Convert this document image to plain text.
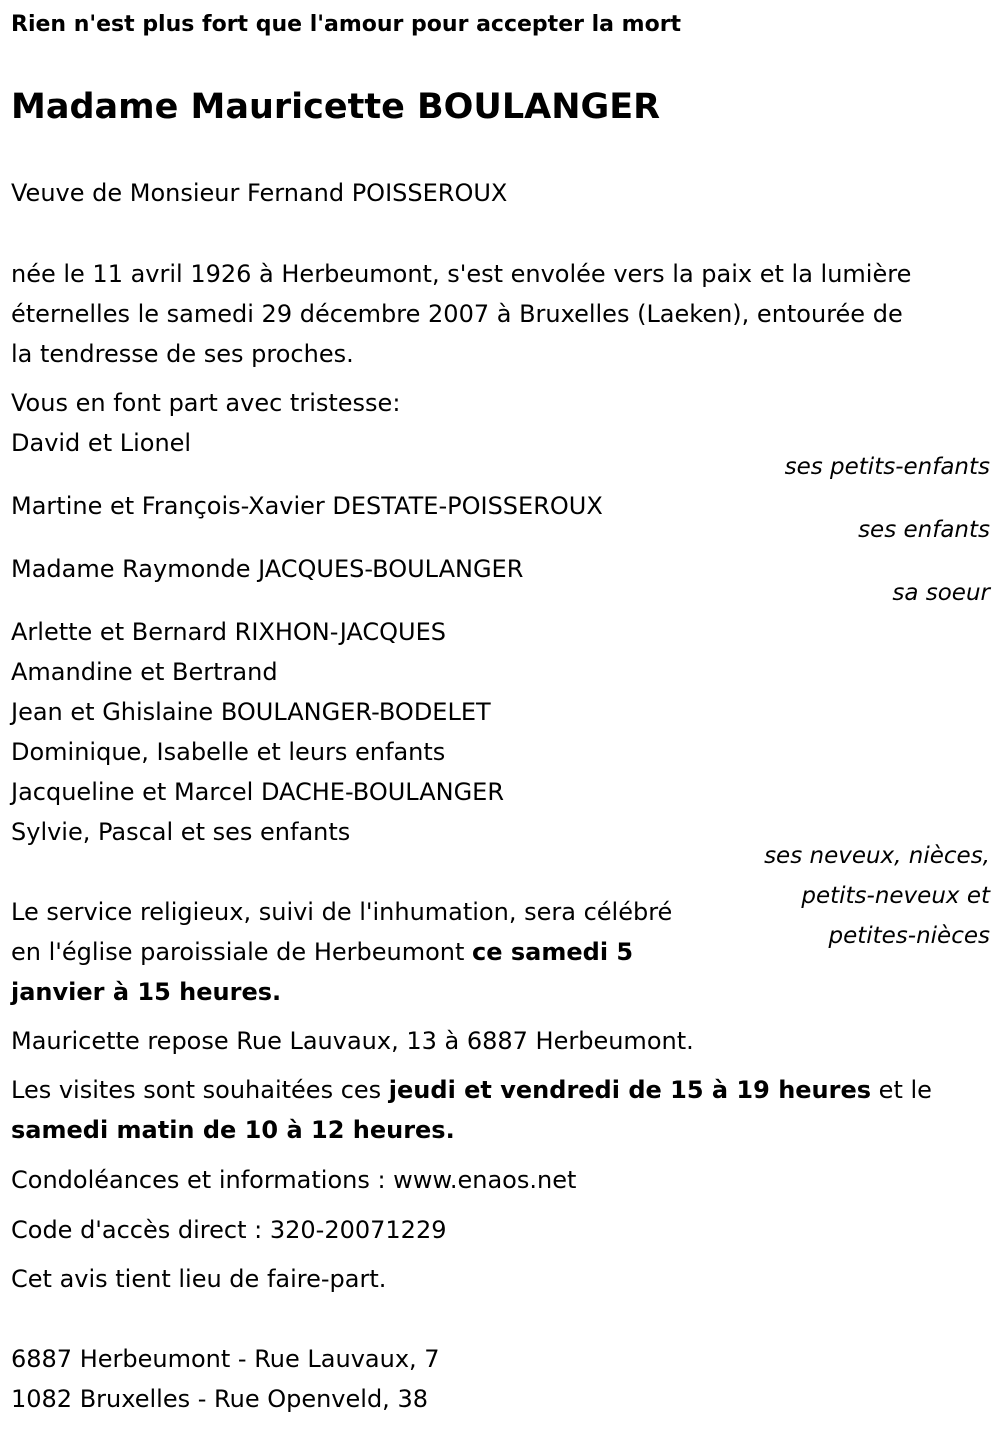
Rien n'est plus fort que l'amour pour accepter la mort

Madame Mauricette BOULANGER

Veuve de Monsieur Fernand POISSEROUX

née le 11 avril 1926 à Herbeumont, s'est envolée vers la paix et la lumière

éternelles le samedi 29 décembre 2007 à Bruxelles (Laeken), entourée de

la tendresse de ses proches.

Vous en font part avec tristesse:

David et Lionel

ses petits-enfants

Martine et François-Xavier DESTATE-POISSEROUX

ses enfants

Madame Raymonde JACQUES-BOULANGER

sa soeur

Arlette et Bernard RIXHON-JACQUES

Amandine et Bertrand

Jean et Ghislaine BOULANGER-BODELET

Dominique, Isabelle et leurs enfants

Jacqueline et Marcel DACHE-BOULANGER

Sylvie, Pascal et ses enfants

ses neveux, nièces,

petits-neveux et

petites-nièces

Le service religieux, suivi de l'inhumation, sera célébré

en l'église paroissiale de Herbeumont ce samedi 5

janvier à 15 heures.

Mauricette repose Rue Lauvaux, 13 à 6887 Herbeumont.

Les visites sont souhaitées ces jeudi et vendredi de 15 à 19 heures et le

samedi matin de 10 à 12 heures.

Condoléances et informations : www.enaos.net

Code d'accès direct : 320-20071229

Cet avis tient lieu de faire-part.

6887 Herbeumont - Rue Lauvaux, 7

1082 Bruxelles - Rue Openveld, 38
